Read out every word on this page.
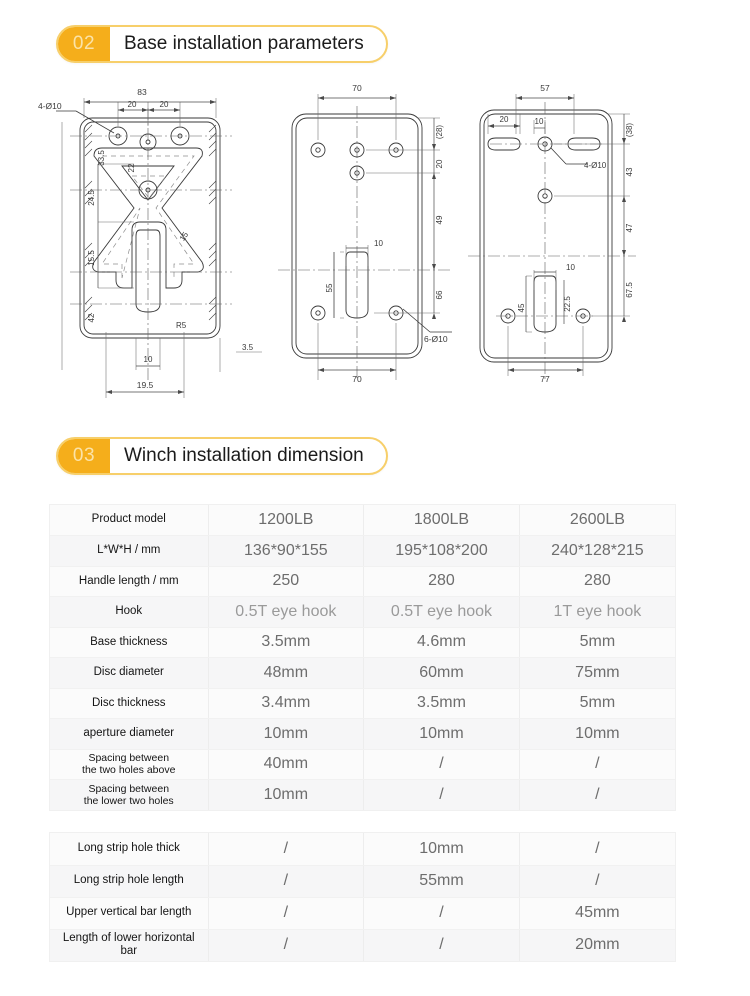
02	Base installation parameters
83
20	20
4-Ø10
33.5
22
24.5
15.5
15
42
R5
10
19.5
3.5
70
(28)
20
49
66
10
55
70
6-Ø10
57
20	10
(38)
43
47
67.5
4-Ø10
10
22.5
45
77
03	Winch installation dimension
Product model	1200LB	1800LB	2600LB
L*W*H / mm	136*90*155	195*108*200	240*128*215
Handle length / mm	250	280	280
Hook	0.5T eye hook	0.5T eye hook	1T eye hook
Base thickness	3.5mm	4.6mm	5mm
Disc diameter	48mm	60mm	75mm
Disc thickness	3.4mm	3.5mm	5mm
aperture diameter	10mm	10mm	10mm
Spacing between
the two holes above	40mm	/	/
Spacing between
the lower two holes	10mm	/	/
Long strip hole thick	/	10mm	/
Long strip hole length	/	55mm	/
Upper vertical bar length	/	/	45mm
Length of lower horizontal bar	/	/	20mm
